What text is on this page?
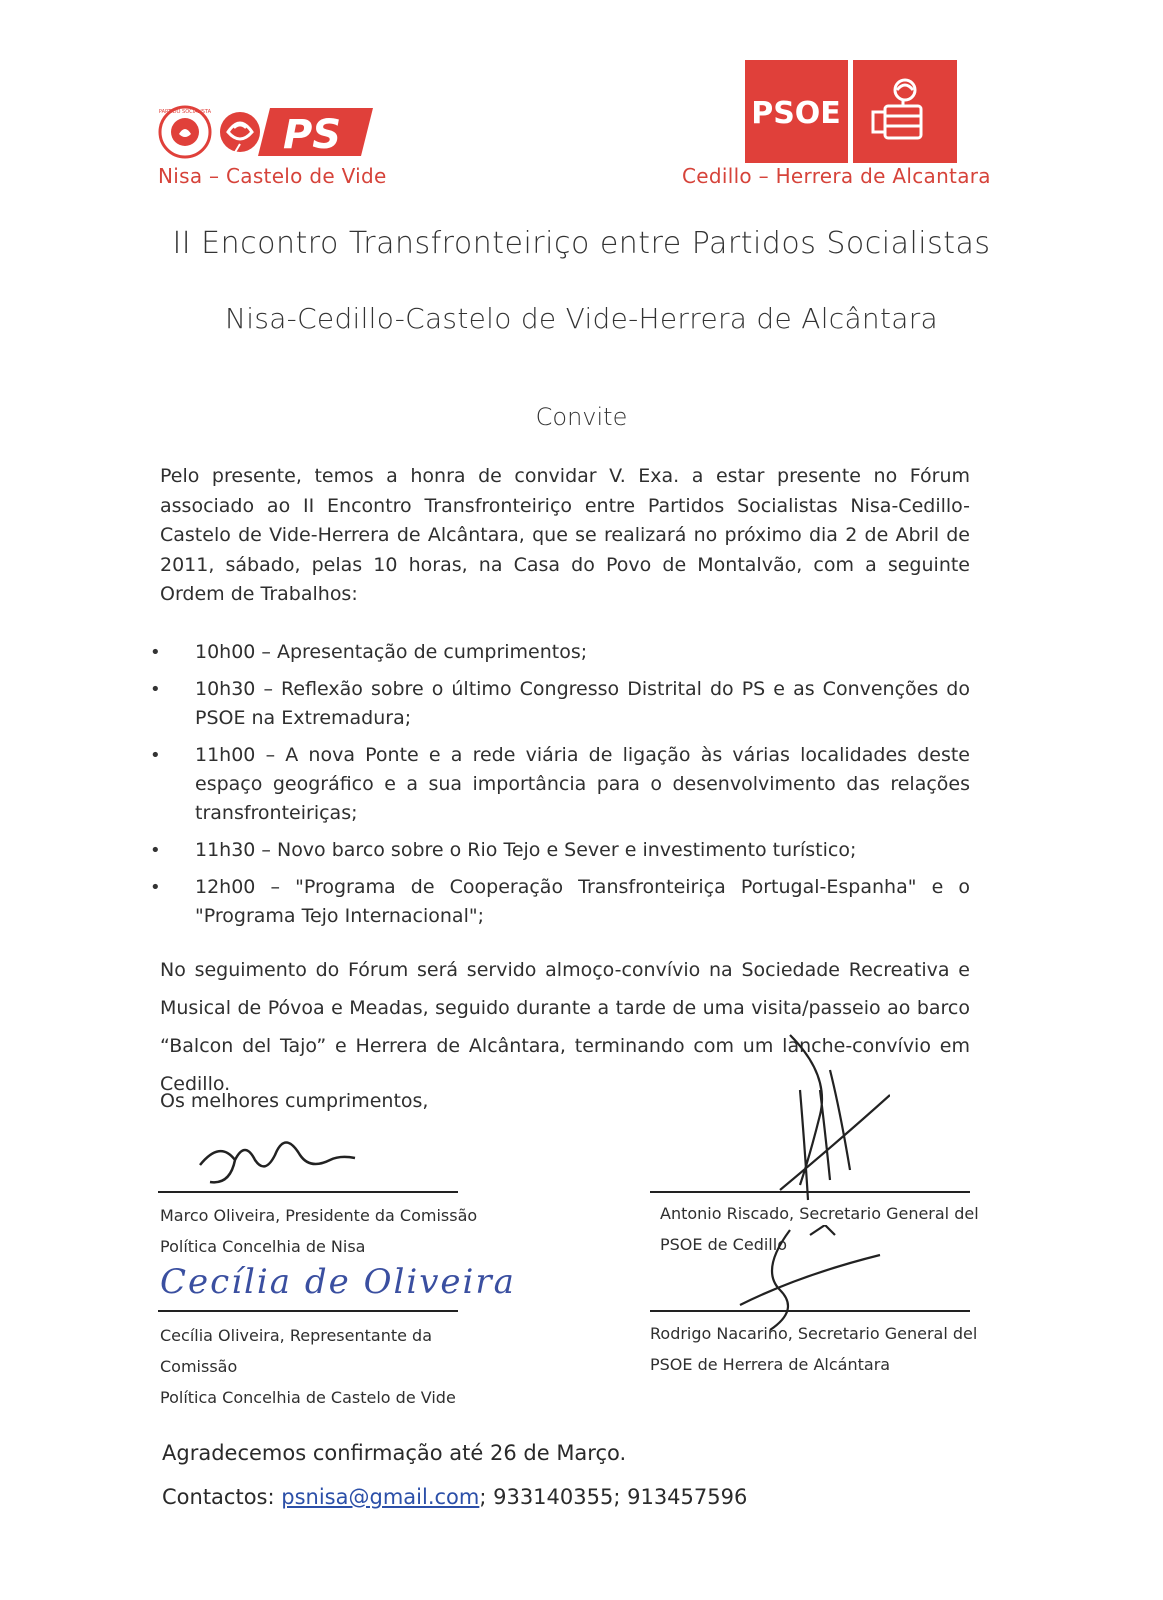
PARTIDO SOCIALISTA PS
Nisa – Castelo de Vide
PSOE
Cedillo – Herrera de Alcantara
II Encontro Transfronteiriço entre Partidos Socialistas
Nisa-Cedillo-Castelo de Vide-Herrera de Alcântara
Convite
Pelo presente, temos a honra de convidar V. Exa. a estar presente no Fórum associado ao II Encontro Transfronteiriço entre Partidos Socialistas Nisa-Cedillo-Castelo de Vide-Herrera de Alcântara, que se realizará no próximo dia 2 de Abril de 2011, sábado, pelas 10 horas, na Casa do Povo de Montalvão, com a seguinte Ordem de Trabalhos:
• 10h00 – Apresentação de cumprimentos;
• 10h30 – Reflexão sobre o último Congresso Distrital do PS e as Convenções do PSOE na Extremadura;
• 11h00 – A nova Ponte e a rede viária de ligação às várias localidades deste espaço geográfico e a sua importância para o desenvolvimento das relações transfronteiriças;
• 11h30 – Novo barco sobre o Rio Tejo e Sever e investimento turístico;
• 12h00 – "Programa de Cooperação Transfronteiriça Portugal-Espanha" e o "Programa Tejo Internacional";
No seguimento do Fórum será servido almoço-convívio na Sociedade Recreativa e Musical de Póvoa e Meadas, seguido durante a tarde de uma visita/passeio ao barco “Balcon del Tajo” e Herrera de Alcântara, terminando com um lanche-convívio em Cedillo.
Os melhores cumprimentos,
Marco Oliveira, Presidente da Comissão
Política Concelhia de Nisa
Antonio Riscado, Secretario General del
PSOE de Cedillo
Cecília de Oliveira
Cecília Oliveira, Representante da Comissão
Política Concelhia de Castelo de Vide
Rodrigo Nacarino, Secretario General del
PSOE de Herrera de Alcántara
Agradecemos confirmação até 26 de Março.
Contactos: psnisa@gmail.com; 933140355; 913457596
